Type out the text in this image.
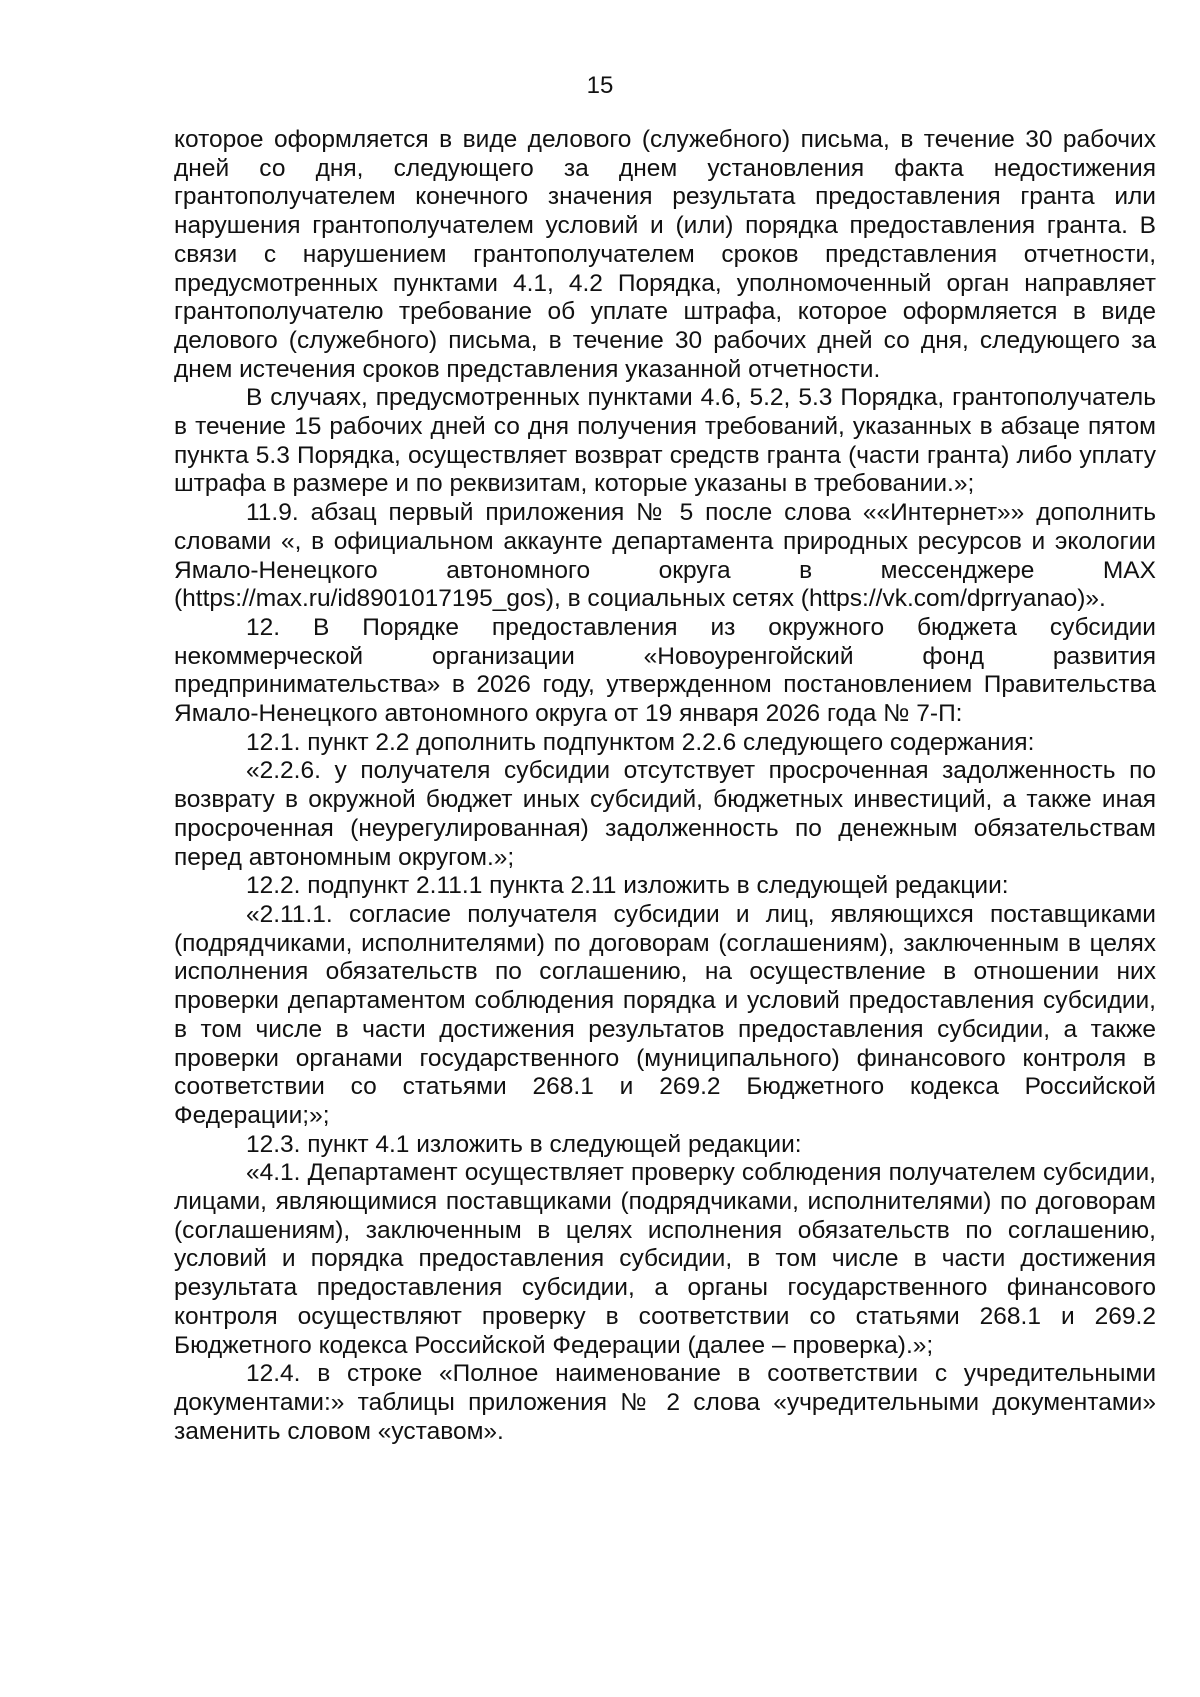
15

которое оформляется в виде делового (служебного) письма, в течение 30 рабочих дней со дня, следующего за днем установления факта недостижения грантополучателем конечного значения результата предоставления гранта или нарушения грантополучателем условий и (или) порядка предоставления гранта. В связи с нарушением грантополучателем сроков представления отчетности, предусмотренных пунктами 4.1, 4.2 Порядка, уполномоченный орган направляет грантополучателю требование об уплате штрафа, которое оформляется в виде делового (служебного) письма, в течение 30 рабочих дней со дня, следующего за днем истечения сроков представления указанной отчетности.

В случаях, предусмотренных пунктами 4.6, 5.2, 5.3 Порядка, грантополучатель в течение 15 рабочих дней со дня получения требований, указанных в абзаце пятом пункта 5.3 Порядка, осуществляет возврат средств гранта (части гранта) либо уплату штрафа в размере и по реквизитам, которые указаны в требовании.»;

11.9. абзац первый приложения № 5 после слова ««Интернет»» дополнить словами «, в официальном аккаунте департамента природных ресурсов и экологии Ямало-Ненецкого автономного округа в мессенджере MAX (https://max.ru/id8901017195_gos), в социальных сетях (https://vk.com/dprryanao)».

12. В Порядке предоставления из окружного бюджета субсидии некоммерческой организации «Новоуренгойский фонд развития предпринимательства» в 2026 году, утвержденном постановлением Правительства Ямало-Ненецкого автономного округа от 19 января 2026 года № 7-П:

12.1. пункт 2.2 дополнить подпунктом 2.2.6 следующего содержания:

«2.2.6. у получателя субсидии отсутствует просроченная задолженность по возврату в окружной бюджет иных субсидий, бюджетных инвестиций, а также иная просроченная (неурегулированная) задолженность по денежным обязательствам перед автономным округом.»;

12.2. подпункт 2.11.1 пункта 2.11 изложить в следующей редакции:

«2.11.1. согласие получателя субсидии и лиц, являющихся поставщиками (подрядчиками, исполнителями) по договорам (соглашениям), заключенным в целях исполнения обязательств по соглашению, на осуществление в отношении них проверки департаментом соблюдения порядка и условий предоставления субсидии, в том числе в части достижения результатов предоставления субсидии, а также проверки органами государственного (муниципального) финансового контроля в соответствии со статьями 268.1 и 269.2 Бюджетного кодекса Российской Федерации;»;

12.3. пункт 4.1 изложить в следующей редакции:

«4.1. Департамент осуществляет проверку соблюдения получателем субсидии, лицами, являющимися поставщиками (подрядчиками, исполнителями) по договорам (соглашениям), заключенным в целях исполнения обязательств по соглашению, условий и порядка предоставления субсидии, в том числе в части достижения результата предоставления субсидии, а органы государственного финансового контроля осуществляют проверку в соответствии со статьями 268.1 и 269.2 Бюджетного кодекса Российской Федерации (далее – проверка).»;

12.4. в строке «Полное наименование в соответствии с учредительными документами:» таблицы приложения № 2 слова «учредительными документами» заменить словом «уставом».
